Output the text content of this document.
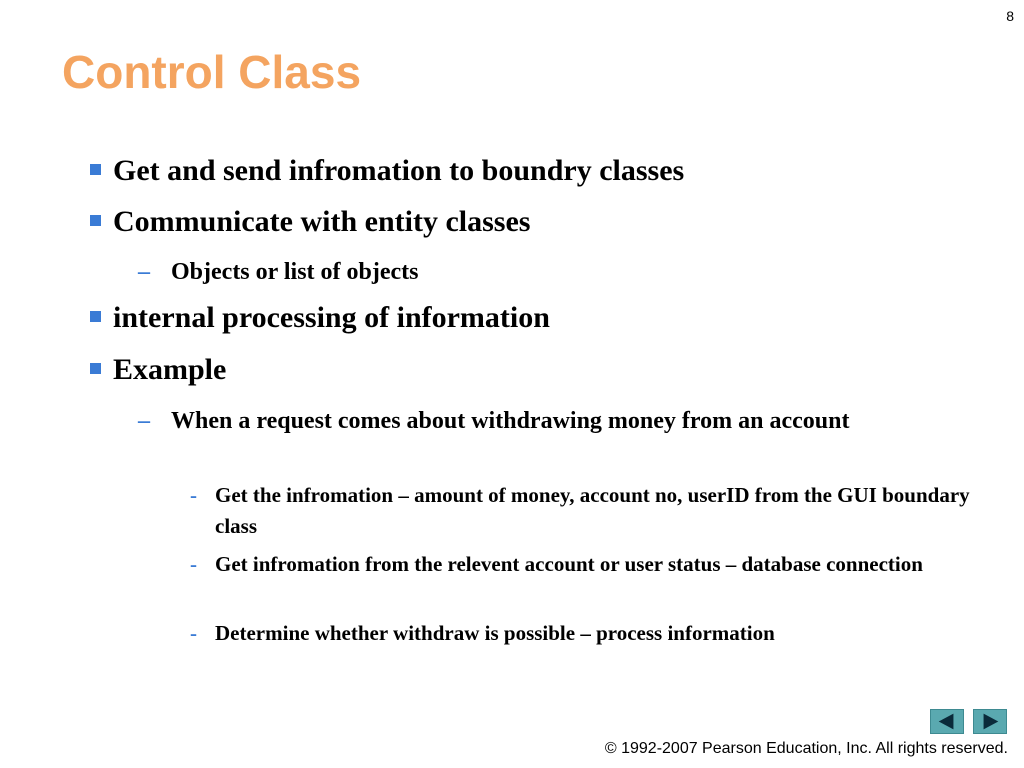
8
Control Class
Get and send infromation to boundry classes
Communicate with entity classes
– Objects or list of objects
internal processing of information
Example
– When a request comes about withdrawing money from an account
- Get the infromation – amount of money, account no, userID from the GUI boundary class
- Get infromation from the relevent account or user status – database connection
- Determine whether withdraw is possible – process information
© 1992-2007 Pearson Education, Inc. All rights reserved.
